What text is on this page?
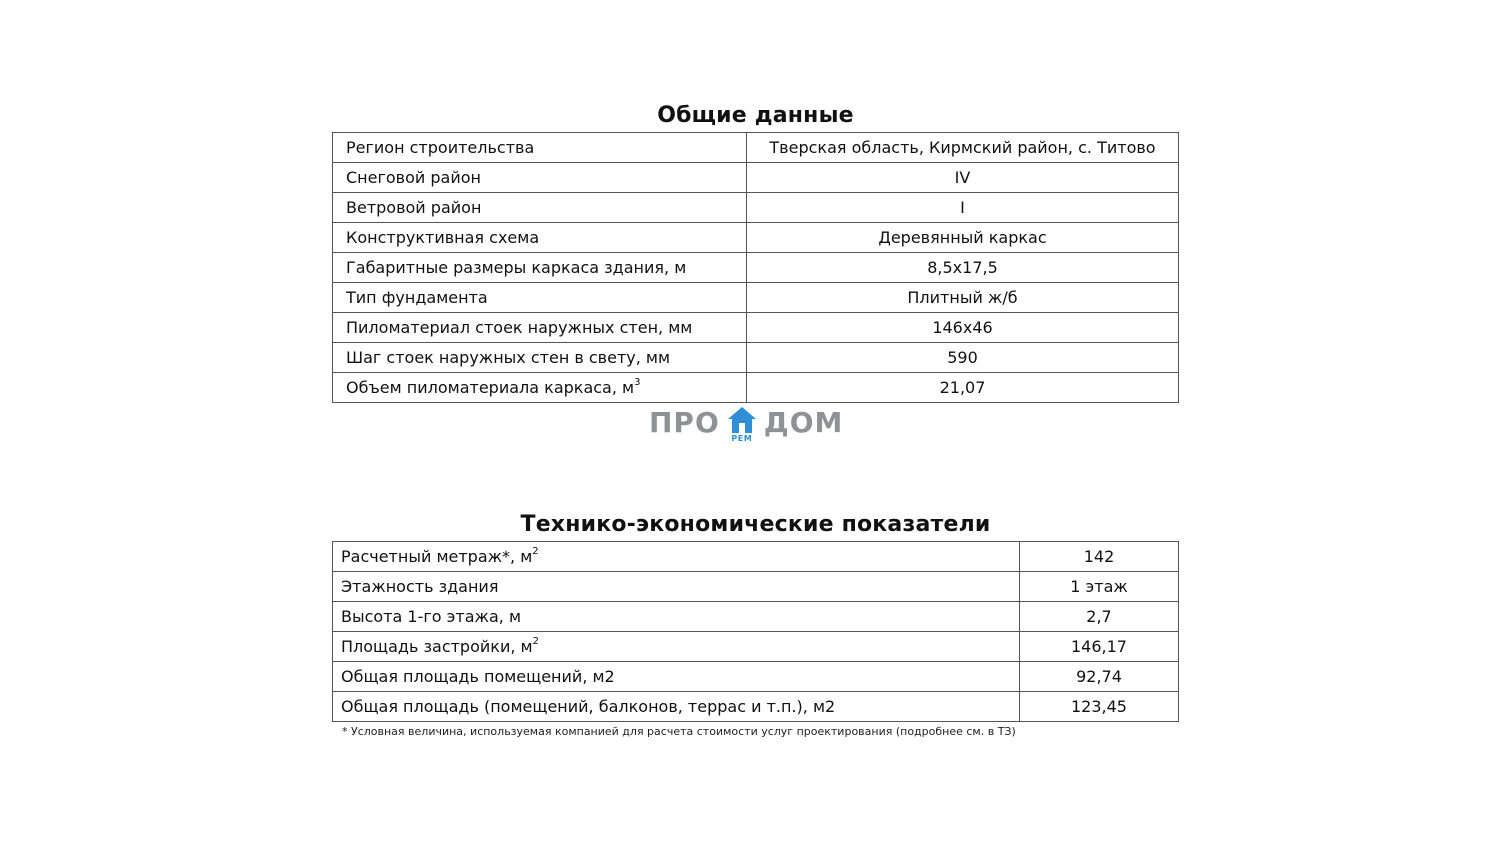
Общие данные
Регион строительства	Тверская область, Кирмский район, с. Титово
Снеговой район	IV
Ветровой район	I
Конструктивная схема	Деревянный каркас
Габаритные размеры каркаса здания, м	8,5х17,5
Тип фундамента	Плитный ж/б
Пиломатериал стоек наружных стен, мм	146х46
Шаг стоек наружных стен в свету, мм	590
Объем пиломатериала каркаса, $м^3$	21,07
ПРО	РЕМ ДОМ
Технико-экономические показатели
Расчетный метраж*, $м^2$	142
Этажность здания	1 этаж
Высота 1-го этажа, м	2,7
Площадь застройки, $м^2$	146,17
Общая площадь помещений, м2	92,74
Общая площадь (помещений, балконов, террас и т.п.), м2	123,45
* Условная величина, используемая компанией для расчета стоимости услуг проектирования (подробнее см. в ТЗ)
